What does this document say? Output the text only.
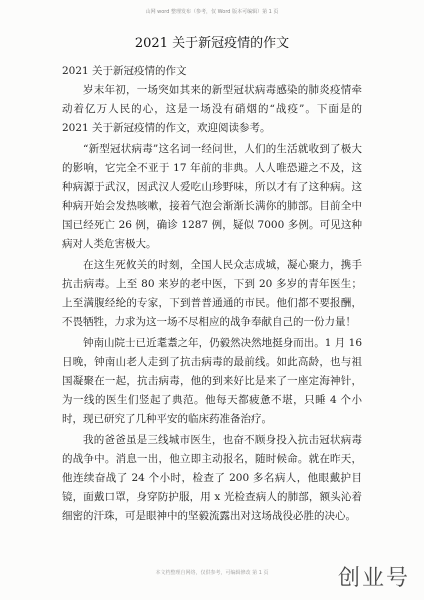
山网 word 整理发布（参考，仅 Word 版本可编辑）第 1 页
2021 关于新冠疫情的作文
2021 关于新冠疫情的作文

岁末年初，一场突如其来的新型冠状病毒感染的肺炎疫情牵动着亿万人民的心，这是一场没有硝烟的“战疫”。下面是的 2021 关于新冠疫情的作文，欢迎阅读参考。

“新型冠状病毒”这名词一经问世，人们的生活就收到了极大的影响，它完全不亚于 17 年前的非典。人人唯恐避之不及，这种病源于武汉，因武汉人爱吃山珍野味，所以才有了这种病。这种病开始会发热咳嗽，接着气泡会渐渐长满你的肺部。目前全中国已经死亡 26 例，确诊 1287 例，疑似 7000 多例。可见这种病对人类危害极大。

在这生死攸关的时刻，全国人民众志成城，凝心聚力，携手抗击病毒。上至 80 来岁的老中医，下到 20 多岁的青年医生；上至满腹经纶的专家，下到普普通通的市民。他们都不要报酬，不畏牺牲，力求为这一场不尽相应的战争奉献自己的一份力量！

钟南山院士已近耄耋之年，仍毅然决然地挺身而出。1 月 16 日晚，钟南山老人走到了抗击病毒的最前线。如此高龄，也与祖国凝聚在一起，抗击病毒，他的到来好比是来了一座定海神针，为一线的医生们竖起了典范。他每天都疲惫不堪，只睡 4 个小时，现已研究了几种平安的临床药准备治疗。

我的爸爸虽是三线城市医生，也奋不顾身投入抗击冠状病毒的战争中。消息一出，他立即主动报名，随时候命。就在昨天，他连续奋战了 24 个小时，检查了 200 多名病人，他眼戴护目镜，面戴口罩，身穿防护服，用 x 光检查病人的肺部，额头沁着细密的汗珠，可是眼神中的坚毅流露出对这场战役必胜的决心。

本文档整理自网络，仅供参考，可编辑修改 第 1 页	创业号
